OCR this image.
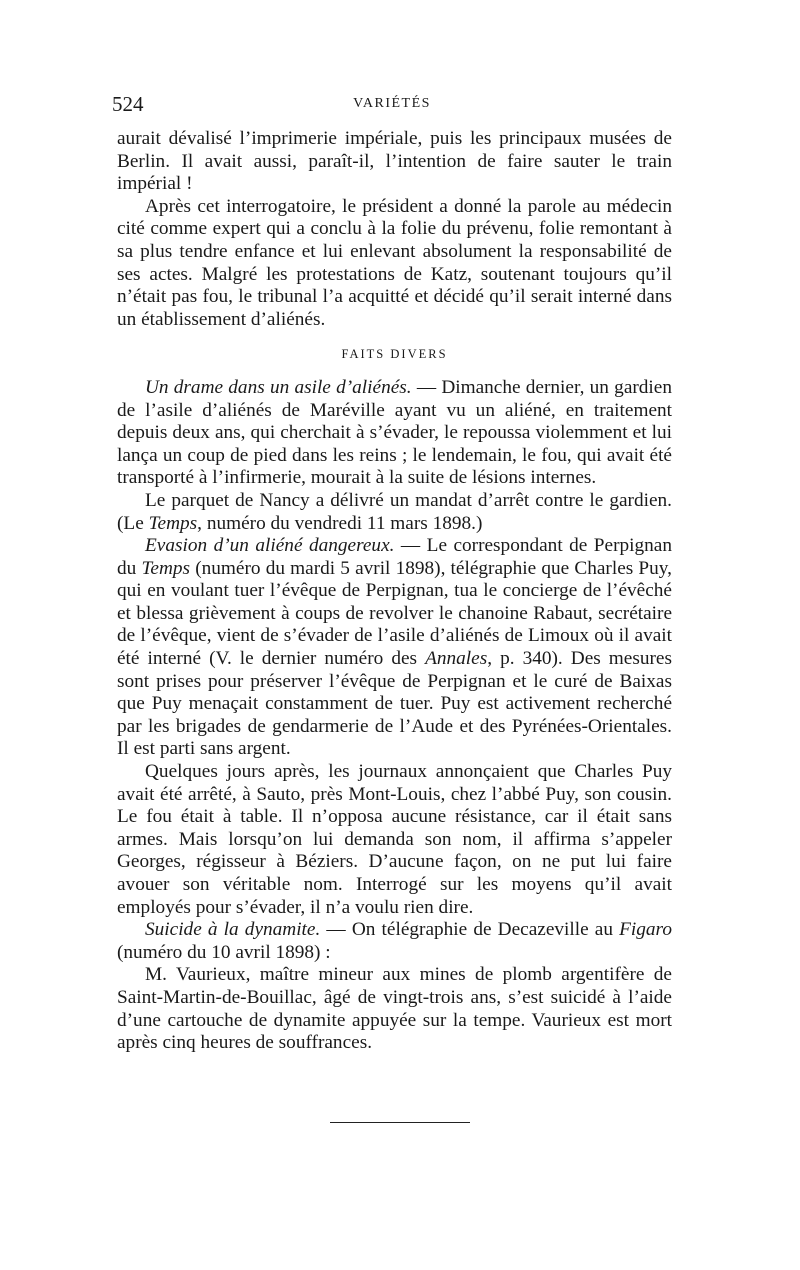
524	VARIÉTÉS

aurait dévalisé l’imprimerie impériale, puis les principaux musées de Berlin. Il avait aussi, paraît-il, l’intention de faire sauter le train impérial !

Après cet interrogatoire, le président a donné la parole au médecin cité comme expert qui a conclu à la folie du prévenu, folie remontant à sa plus tendre enfance et lui enlevant absolument la responsabilité de ses actes. Malgré les protestations de Katz, soutenant toujours qu’il n’était pas fou, le tribunal l’a acquitté et décidé qu’il serait interné dans un établissement d’aliénés.

FAITS DIVERS

Un drame dans un asile d’aliénés. — Dimanche dernier, un gardien de l’asile d’aliénés de Maréville ayant vu un aliéné, en traitement depuis deux ans, qui cherchait à s’évader, le repoussa violemment et lui lança un coup de pied dans les reins ; le lendemain, le fou, qui avait été transporté à l’infirmerie, mourait à la suite de lésions internes.

Le parquet de Nancy a délivré un mandat d’arrêt contre le gardien. (Le Temps, numéro du vendredi 11 mars 1898.)

Evasion d’un aliéné dangereux. — Le correspondant de Perpignan du Temps (numéro du mardi 5 avril 1898), télégraphie que Charles Puy, qui en voulant tuer l’évêque de Perpignan, tua le concierge de l’évêché et blessa grièvement à coups de revolver le chanoine Rabaut, secrétaire de l’évêque, vient de s’évader de l’asile d’aliénés de Limoux où il avait été interné (V. le dernier numéro des Annales, p. 340). Des mesures sont prises pour préserver l’évêque de Perpignan et le curé de Baixas que Puy menaçait constamment de tuer. Puy est activement recherché par les brigades de gendarmerie de l’Aude et des Pyrénées-Orientales. Il est parti sans argent.

Quelques jours après, les journaux annonçaient que Charles Puy avait été arrêté, à Sauto, près Mont-Louis, chez l’abbé Puy, son cousin. Le fou était à table. Il n’opposa aucune résistance, car il était sans armes. Mais lorsqu’on lui demanda son nom, il affirma s’appeler Georges, régisseur à Béziers. D’aucune façon, on ne put lui faire avouer son véritable nom. Interrogé sur les moyens qu’il avait employés pour s’évader, il n’a voulu rien dire.

Suicide à la dynamite. — On télégraphie de Decazeville au Figaro (numéro du 10 avril 1898) :

M. Vaurieux, maître mineur aux mines de plomb argentifère de Saint-Martin-de-Bouillac, âgé de vingt-trois ans, s’est suicidé à l’aide d’une cartouche de dynamite appuyée sur la tempe. Vaurieux est mort après cinq heures de souffrances.
